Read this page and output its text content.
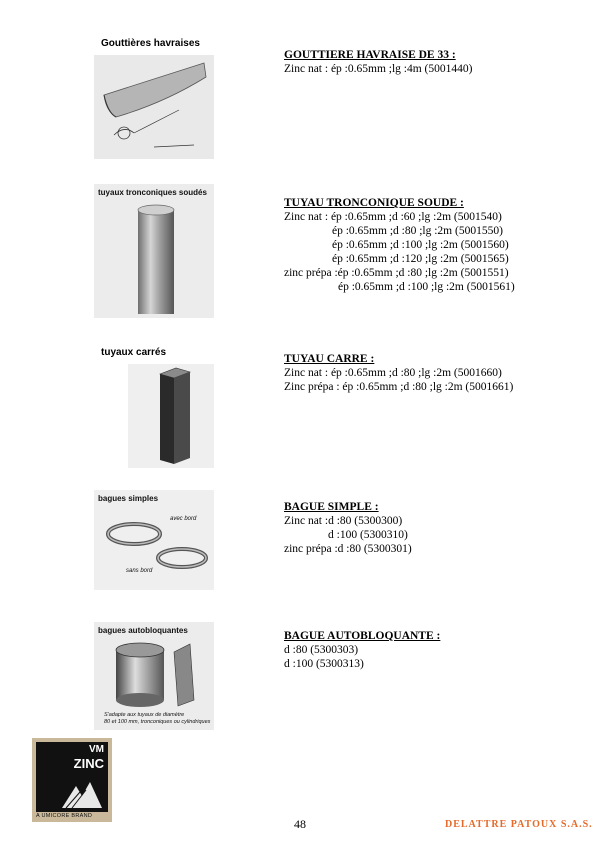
Gouttières havraises
GOUTTIERE HAVRAISE DE 33 :
Zinc nat : ép :0.65mm ;lg :4m (5001440)
tuyaux tronconiques soudés
TUYAU TRONCONIQUE SOUDE :
Zinc nat : ép :0.65mm ;d :60 ;lg :2m (5001540)
ép :0.65mm ;d :80 ;lg :2m (5001550)
ép :0.65mm ;d :100 ;lg :2m (5001560)
ép :0.65mm ;d :120 ;lg :2m (5001565)
zinc prépa :ép :0.65mm ;d :80 ;lg :2m (5001551)
ép :0.65mm ;d :100 ;lg :2m (5001561)
tuyaux carrés
TUYAU CARRE :
Zinc nat : ép :0.65mm ;d :80 ;lg :2m (5001660)
Zinc prépa : ép :0.65mm ;d :80 ;lg :2m (5001661)
bagues simples
avec bord
sans bord
BAGUE SIMPLE :
Zinc nat :d :80 (5300300)
d :100 (5300310)
zinc prépa :d :80 (5300301)
bagues autobloquantes
S'adapte aux tuyaux de diamètre
80 et 100 mm, tronconiques ou cylindriques
BAGUE AUTOBLOQUANTE :
d :80 (5300303)
d :100 (5300313)
VM
ZINC
A UMICORE BRAND
48	DELATTRE PATOUX S.A.S.
